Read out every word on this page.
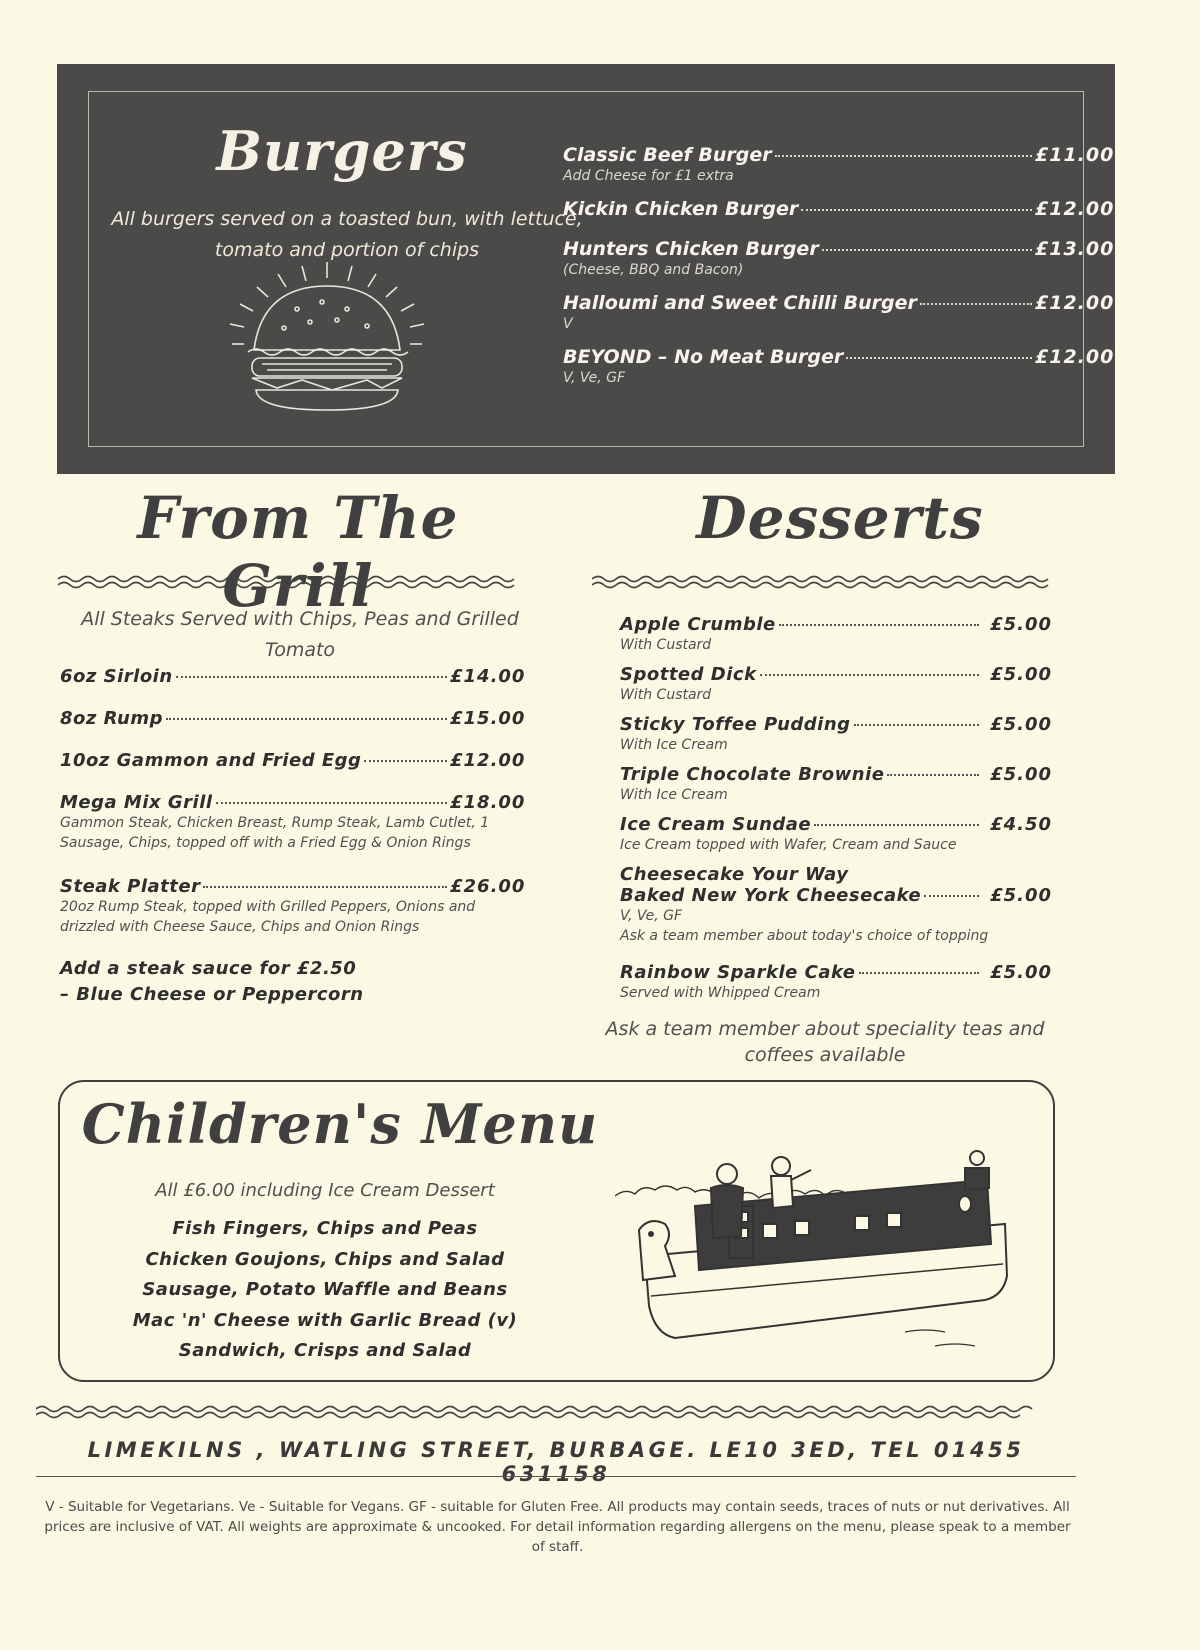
Burgers
All burgers served on a toasted bun, with lettuce, tomato and portion of chips
Classic Beef Burger	£11.00
Add Cheese for £1 extra
Kickin Chicken Burger	£12.00
Hunters Chicken Burger	£13.00
(Cheese, BBQ and Bacon)
Halloumi and Sweet Chilli Burger	£12.00
V
BEYOND – No Meat Burger	£12.00
V, Ve, GF
From The Grill
All Steaks Served with Chips, Peas and Grilled Tomato
6oz Sirloin	£14.00
8oz Rump	£15.00
10oz Gammon and Fried Egg	£12.00
Mega Mix Grill	£18.00
Gammon Steak, Chicken Breast, Rump Steak, Lamb Cutlet, 1 Sausage, Chips, topped off with a Fried Egg & Onion Rings
Steak Platter	£26.00
20oz Rump Steak, topped with Grilled Peppers, Onions and drizzled with Cheese Sauce, Chips and Onion Rings
Add a steak sauce for £2.50
– Blue Cheese or Peppercorn
Desserts
Apple Crumble	£5.00
With Custard
Spotted Dick	£5.00
With Custard
Sticky Toffee Pudding	£5.00
With Ice Cream
Triple Chocolate Brownie	£5.00
With Ice Cream
Ice Cream Sundae	£4.50
Ice Cream topped with Wafer, Cream and Sauce
Cheesecake Your Way
Baked New York Cheesecake	£5.00
V, Ve, GF
Ask a team member about today's choice of topping
Rainbow Sparkle Cake	£5.00
Served with Whipped Cream
Ask a team member about speciality teas and coffees available
Children's Menu
All £6.00 including Ice Cream Dessert
Fish Fingers, Chips and Peas
Chicken Goujons, Chips and Salad
Sausage, Potato Waffle and Beans
Mac 'n' Cheese with Garlic Bread (v)
Sandwich, Crisps and Salad
LIMEKILNS , WATLING STREET, BURBAGE. LE10 3ED, TEL 01455 631158
V - Suitable for Vegetarians. Ve - Suitable for Vegans. GF - suitable for Gluten Free. All products may contain seeds, traces of nuts or nut derivatives. All prices are inclusive of VAT. All weights are approximate & uncooked. For detail information regarding allergens on the menu, please speak to a member of staff.
